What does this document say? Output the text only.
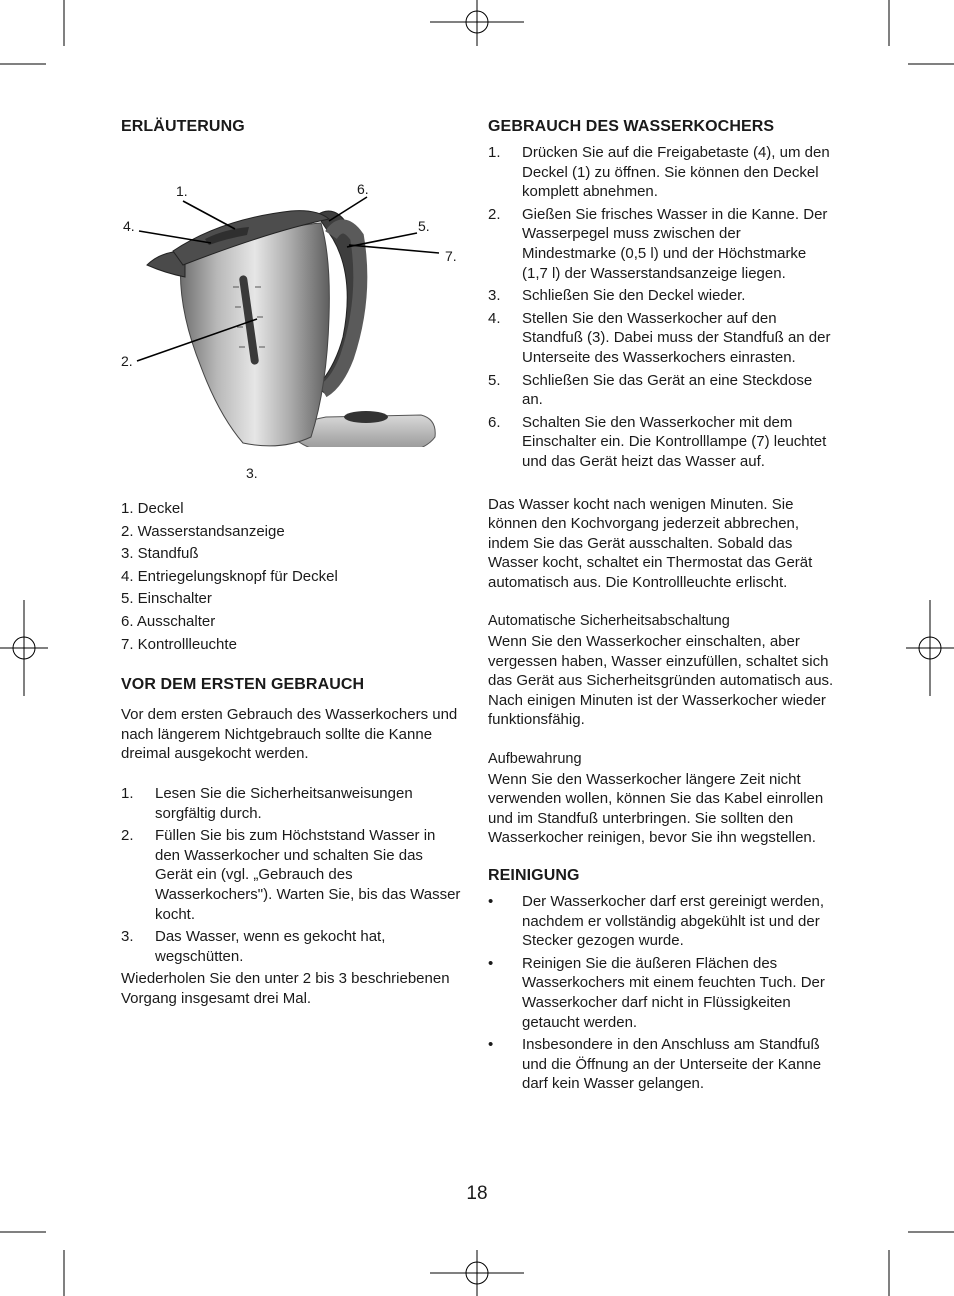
ERLÄUTERUNG
1.
4.
2.
3.
6.
5.
7.
1. Deckel
2. Wasserstandsanzeige
3. Standfuß
4. Entriegelungsknopf für Deckel
5. Einschalter
6. Ausschalter
7. Kontrollleuchte
VOR DEM ERSTEN GEBRAUCH

Vor dem ersten Gebrauch des Wasserkochers und nach längerem Nichtgebrauch sollte die Kanne dreimal ausgekocht werden.

1. Lesen Sie die Sicherheitsanweisungen sorgfältig durch.
2. Füllen Sie bis zum Höchststand Wasser in den Wasserkocher und schalten Sie das Gerät ein (vgl. „Gebrauch des Wasserkochers"). Warten Sie, bis das Wasser kocht.
3. Das Wasser, wenn es gekocht hat, wegschütten.

Wiederholen Sie den unter 2 bis 3 beschriebenen Vorgang insgesamt drei Mal.

GEBRAUCH DES WASSERKOCHERS
1. Drücken Sie auf die Freigabetaste (4), um den Deckel (1) zu öffnen. Sie können den Deckel komplett abnehmen.
2. Gießen Sie frisches Wasser in die Kanne. Der Wasserpegel muss zwischen der Mindestmarke (0,5 l) und der Höchstmarke (1,7 l) der Wasserstandsanzeige liegen.
3. Schließen Sie den Deckel wieder.
4. Stellen Sie den Wasserkocher auf den Standfuß (3). Dabei muss der Standfuß an der Unterseite des Wasserkochers einrasten.
5. Schließen Sie das Gerät an eine Steckdose an.
6. Schalten Sie den Wasserkocher mit dem Einschalter ein. Die Kontrolllampe (7) leuchtet und das Gerät heizt das Wasser auf.

Das Wasser kocht nach wenigen Minuten. Sie können den Kochvorgang jederzeit abbrechen, indem Sie das Gerät ausschalten. Sobald das Wasser kocht, schaltet ein Thermostat das Gerät automatisch aus. Die Kontrollleuchte erlischt.

Automatische Sicherheitsabschaltung

Wenn Sie den Wasserkocher einschalten, aber vergessen haben, Wasser einzufüllen, schaltet sich das Gerät aus Sicherheitsgründen automatisch aus.

Nach einigen Minuten ist der Wasserkocher wieder funktionsfähig.

Aufbewahrung

Wenn Sie den Wasserkocher längere Zeit nicht verwenden wollen, können Sie das Kabel einrollen und im Standfuß unterbringen. Sie sollten den Wasserkocher reinigen, bevor Sie ihn wegstellen.

REINIGUNG
• Der Wasserkocher darf erst gereinigt werden, nachdem er vollständig abgekühlt ist und der Stecker gezogen wurde.
• Reinigen Sie die äußeren Flächen des Wasserkochers mit einem feuchten Tuch. Der Wasserkocher darf nicht in Flüssigkeiten getaucht werden.
• Insbesondere in den Anschluss am Standfuß und die Öffnung an der Unterseite der Kanne darf kein Wasser gelangen.
18
